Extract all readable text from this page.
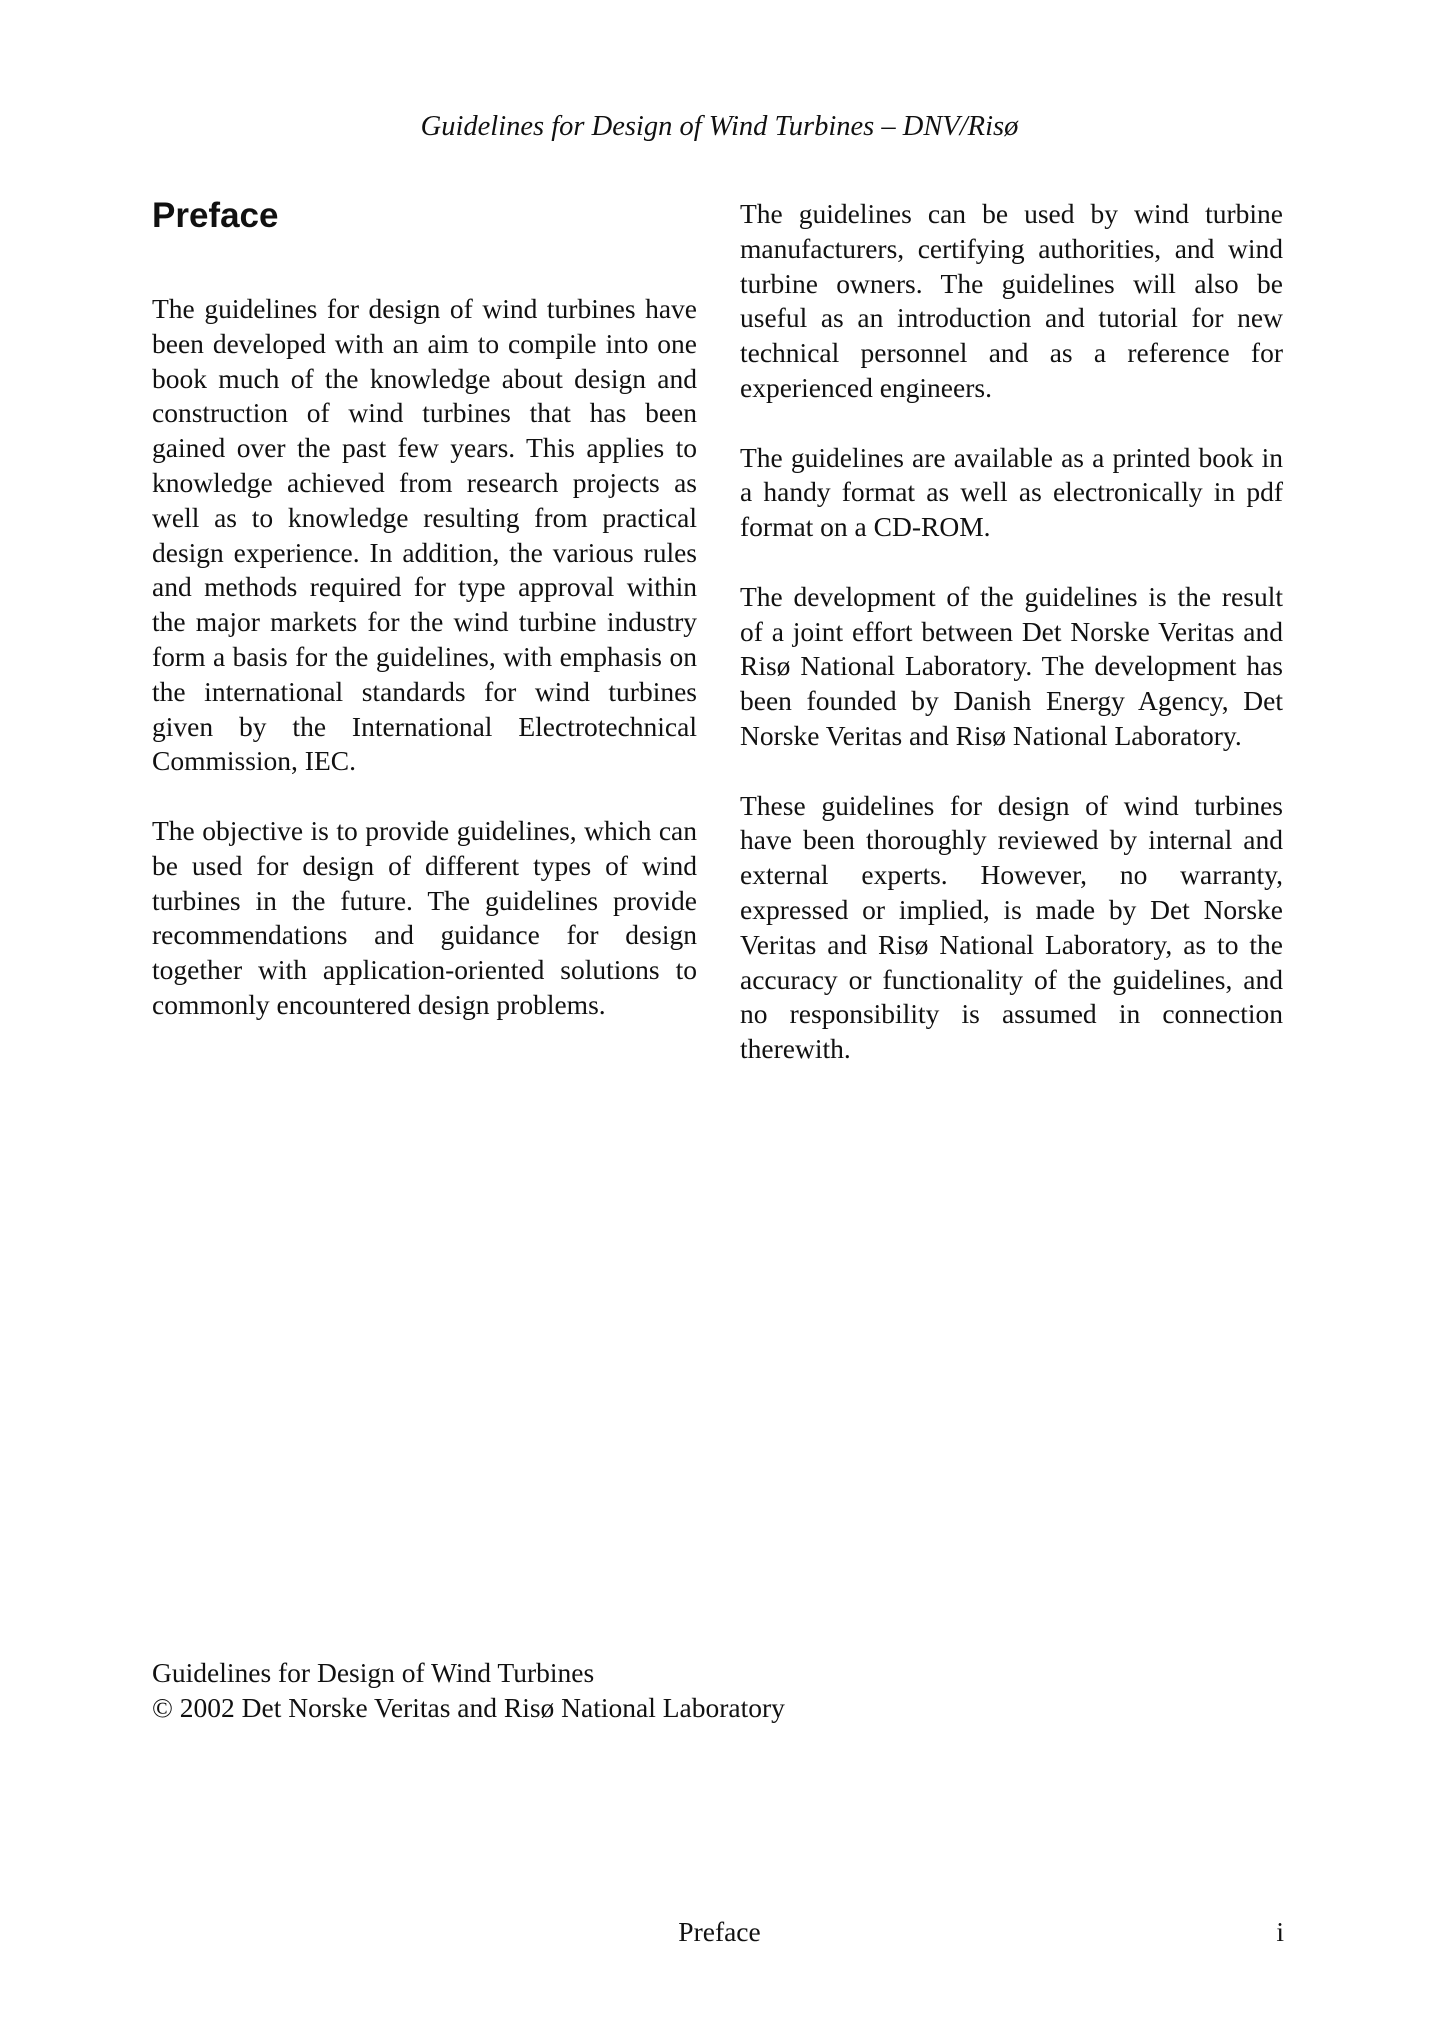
Guidelines for Design of Wind Turbines – DNV/Risø
Preface

The guidelines for design of wind turbines have been developed with an aim to compile into one book much of the knowledge about design and construction of wind turbines that has been gained over the past few years. This applies to knowledge achieved from research projects as well as to knowledge resulting from practical design experience. In addition, the various rules and methods required for type approval within the major markets for the wind turbine industry form a basis for the guidelines, with emphasis on the international standards for wind turbines given by the International Electrotechnical Commission, IEC.

The objective is to provide guidelines, which can be used for design of different types of wind turbines in the future. The guidelines provide recommendations and guidance for design together with application-oriented solutions to commonly encountered design problems.

The guidelines can be used by wind turbine manufacturers, certifying authorities, and wind turbine owners. The guidelines will also be useful as an introduction and tutorial for new technical personnel and as a reference for experienced engineers.

The guidelines are available as a printed book in a handy format as well as electronically in pdf format on a CD-ROM.

The development of the guidelines is the result of a joint effort between Det Norske Veritas and Risø National Laboratory. The development has been founded by Danish Energy Agency, Det Norske Veritas and Risø National Laboratory.

These guidelines for design of wind turbines have been thoroughly reviewed by internal and external experts. However, no warranty, expressed or implied, is made by Det Norske Veritas and Risø National Laboratory, as to the accuracy or functionality of the guidelines, and no responsibility is assumed in connection therewith.

Guidelines for Design of Wind Turbines
© 2002 Det Norske Veritas and Risø National Laboratory
Preface	i
